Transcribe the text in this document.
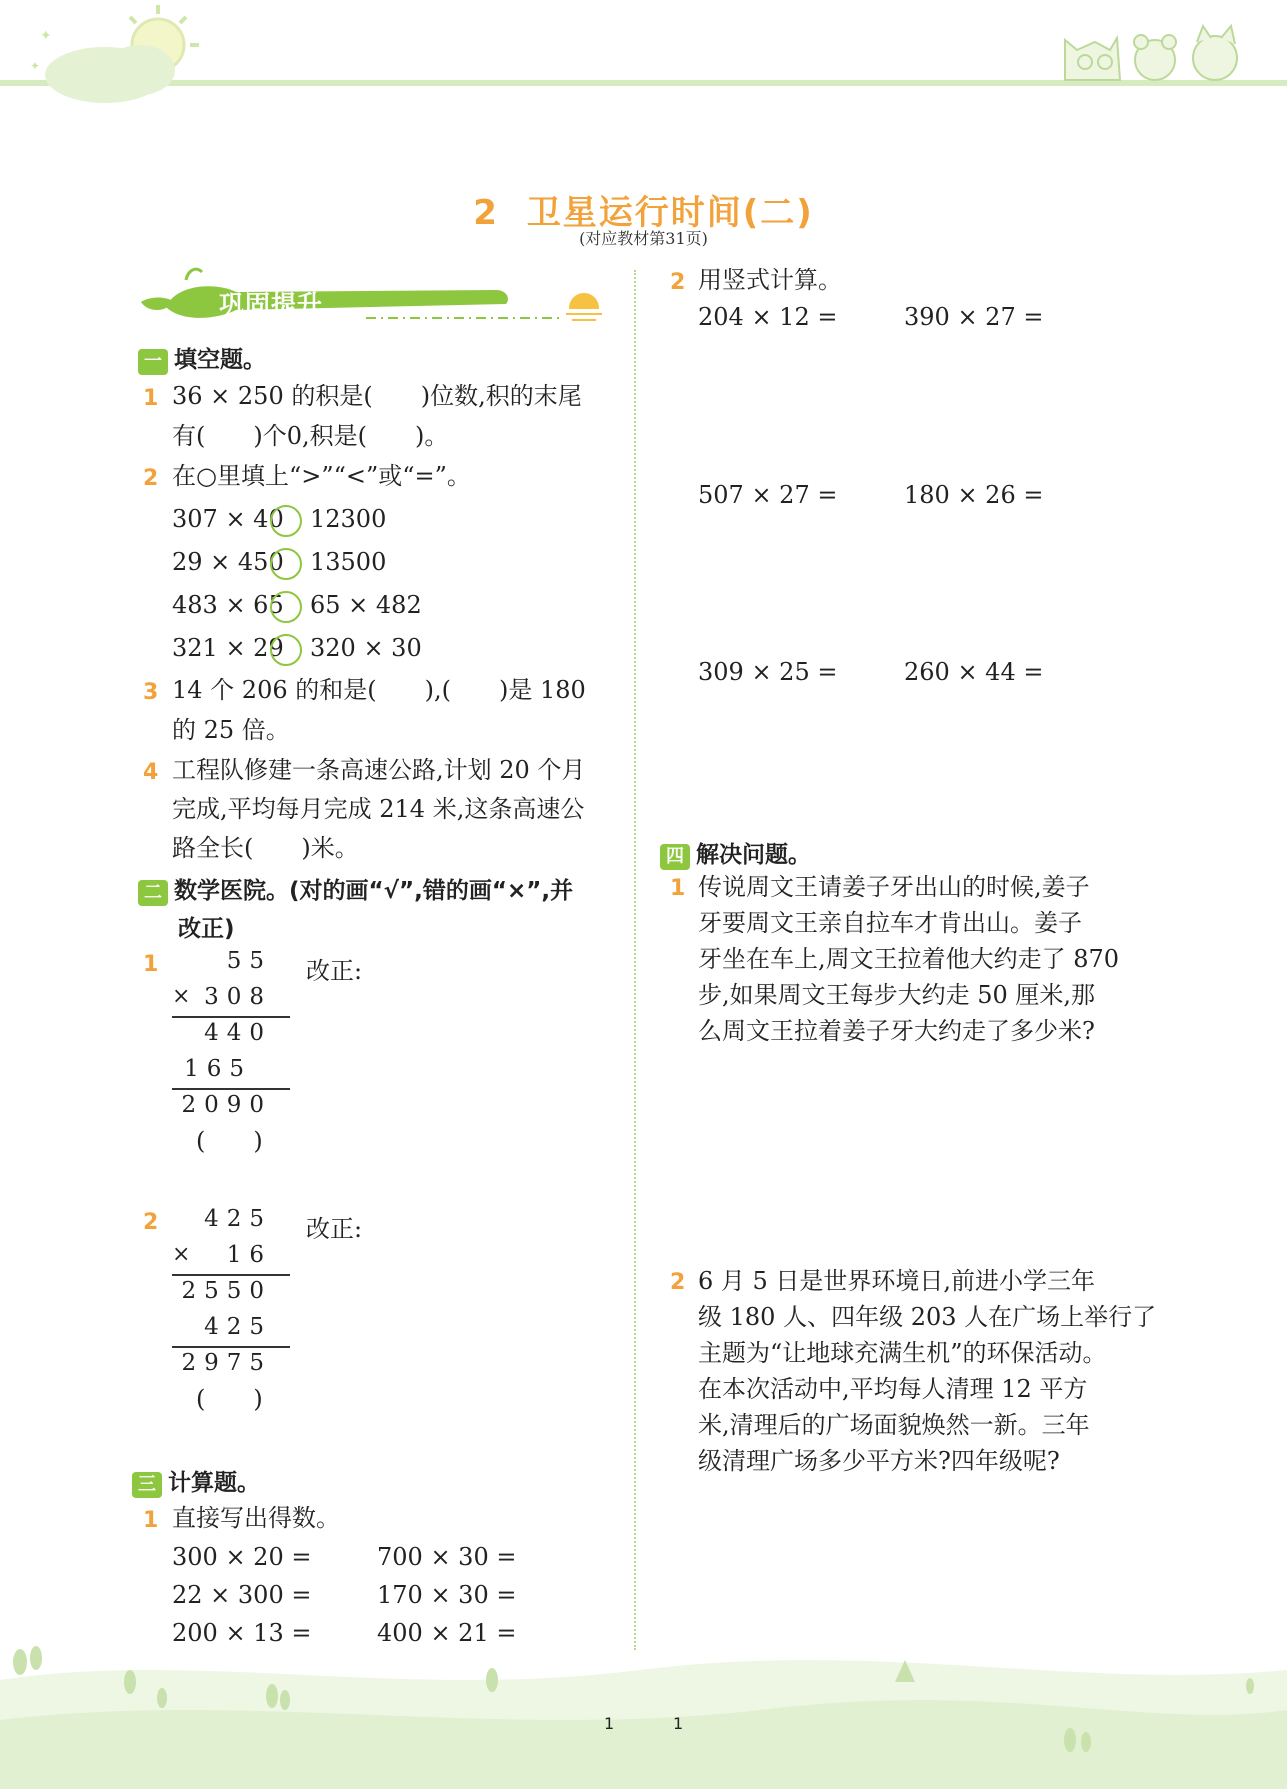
✦
✦
2 卫星运行时间(二)
(对应教材第31页)
巩固提升
一 填空题。
1 36 × 250 的积是(　　)位数,积的末尾
有(　　)个0,积是(　　)。
2 在○里填上“>”“<”或“=”。
307 × 40 12300
29 × 450 13500
483 × 65 65 × 482
321 × 29 320 × 30
3 14 个 206 的和是(　　),(　　)是 180
的 25 倍。
4 工程队修建一条高速公路,计划 20 个月
完成,平均每月完成 214 米,这条高速公
路全长(　　)米。
二 数学医院。(对的画“√”,错的画“×”,并
改正)
1	55
× 308
440
165
2090
(　　)
改正:
2	425
×	16
2550
425
2975
(　　)
改正:
三 计算题。
1 直接写出得数。
300 × 20 =	700 × 30 =
22 × 300 =	170 × 30 =
200 × 13 =	400 × 21 =
2 用竖式计算。
204 × 12 =	390 × 27 =
507 × 27 =	180 × 26 =
309 × 25 =	260 × 44 =
四 解决问题。
1 传说周文王请姜子牙出山的时候,姜子
牙要周文王亲自拉车才肯出山。姜子
牙坐在车上,周文王拉着他大约走了 870
步,如果周文王每步大约走 50 厘米,那
么周文王拉着姜子牙大约走了多少米?
2 6 月 5 日是世界环境日,前进小学三年
级 180 人、四年级 203 人在广场上举行了
主题为“让地球充满生机”的环保活动。
在本次活动中,平均每人清理 12 平方
米,清理后的广场面貌焕然一新。三年
级清理广场多少平方米?四年级呢?
1	1
